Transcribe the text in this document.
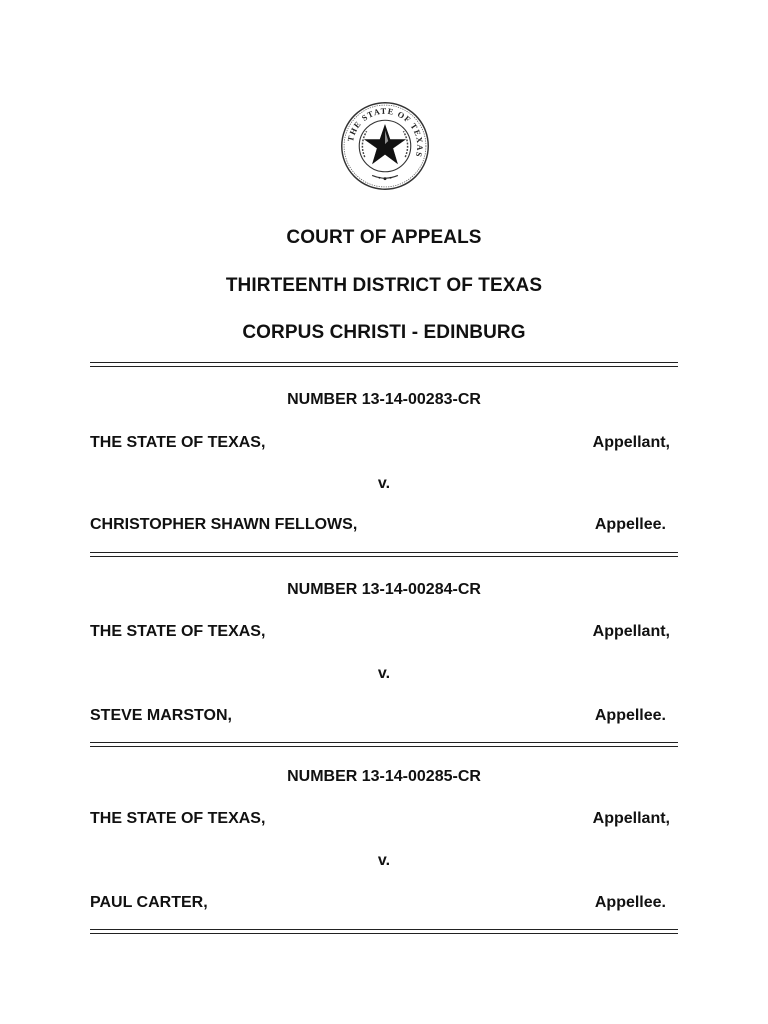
THE STATE OF TEXAS
COURT OF APPEALS
THIRTEENTH DISTRICT OF TEXAS
CORPUS CHRISTI - EDINBURG
NUMBER 13-14-00283-CR
THE STATE OF TEXAS,	Appellant,
v.
CHRISTOPHER SHAWN FELLOWS,	Appellee.
NUMBER 13-14-00284-CR
THE STATE OF TEXAS,	Appellant,
v.
STEVE MARSTON,	Appellee.
NUMBER 13-14-00285-CR
THE STATE OF TEXAS,	Appellant,
v.
PAUL CARTER,	Appellee.
